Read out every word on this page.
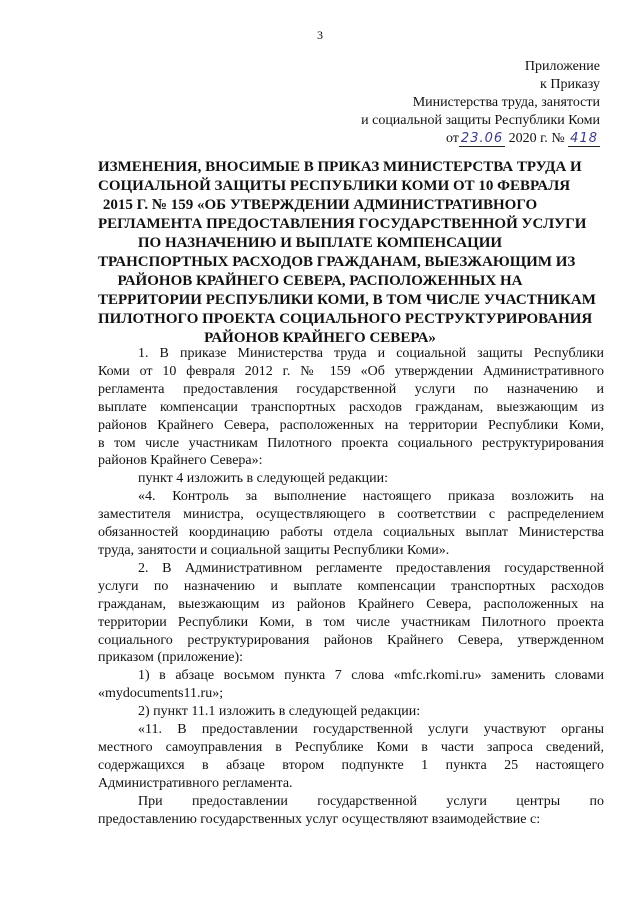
3
Приложение
к Приказу
Министерства труда, занятости
и социальной защиты Республики Коми
от 23.06 2020 г. № 418
ИЗМЕНЕНИЯ, ВНОСИМЫЕ В ПРИКАЗ МИНИСТЕРСТВА ТРУДА И
СОЦИАЛЬНОЙ ЗАЩИТЫ РЕСПУБЛИКИ КОМИ ОТ 10 ФЕВРАЛЯ
2015 Г. № 159 «ОБ УТВЕРЖДЕНИИ АДМИНИСТРАТИВНОГО
РЕГЛАМЕНТА ПРЕДОСТАВЛЕНИЯ ГОСУДАРСТВЕННОЙ УСЛУГИ
ПО НАЗНАЧЕНИЮ И ВЫПЛАТЕ КОМПЕНСАЦИИ
ТРАНСПОРТНЫХ РАСХОДОВ ГРАЖДАНАМ, ВЫЕЗЖАЮЩИМ ИЗ
РАЙОНОВ КРАЙНЕГО СЕВЕРА, РАСПОЛОЖЕННЫХ НА
ТЕРРИТОРИИ РЕСПУБЛИКИ КОМИ, В ТОМ ЧИСЛЕ УЧАСТНИКАМ
ПИЛОТНОГО ПРОЕКТА СОЦИАЛЬНОГО РЕСТРУКТУРИРОВАНИЯ
РАЙОНОВ КРАЙНЕГО СЕВЕРА»
1. В приказе Министерства труда и социальной защиты Республики
Коми от 10 февраля 2012 г. № 159 «Об утверждении Административного
регламента предоставления государственной услуги по назначению и
выплате компенсации транспортных расходов гражданам, выезжающим из
районов Крайнего Севера, расположенных на территории Республики Коми,
в том числе участникам Пилотного проекта социального реструктурирования
районов Крайнего Севера»:
пункт 4 изложить в следующей редакции:
«4. Контроль за выполнение настоящего приказа возложить на
заместителя министра, осуществляющего в соответствии с распределением
обязанностей координацию работы отдела социальных выплат Министерства
труда, занятости и социальной защиты Республики Коми».
2. В Административном регламенте предоставления государственной
услуги по назначению и выплате компенсации транспортных расходов
гражданам, выезжающим из районов Крайнего Севера, расположенных на
территории Республики Коми, в том числе участникам Пилотного проекта
социального реструктурирования районов Крайнего Севера, утвержденном
приказом (приложение):
1) в абзаце восьмом пункта 7 слова «mfc.rkomi.ru» заменить словами
«mydocuments11.ru»;
2) пункт 11.1 изложить в следующей редакции:
«11. В предоставлении государственной услуги участвуют органы
местного самоуправления в Республике Коми в части запроса сведений,
содержащихся в абзаце втором подпункте 1 пункта 25 настоящего
Административного регламента.
При предоставлении государственной услуги центры по
предоставлению государственных услуг осуществляют взаимодействие с:
